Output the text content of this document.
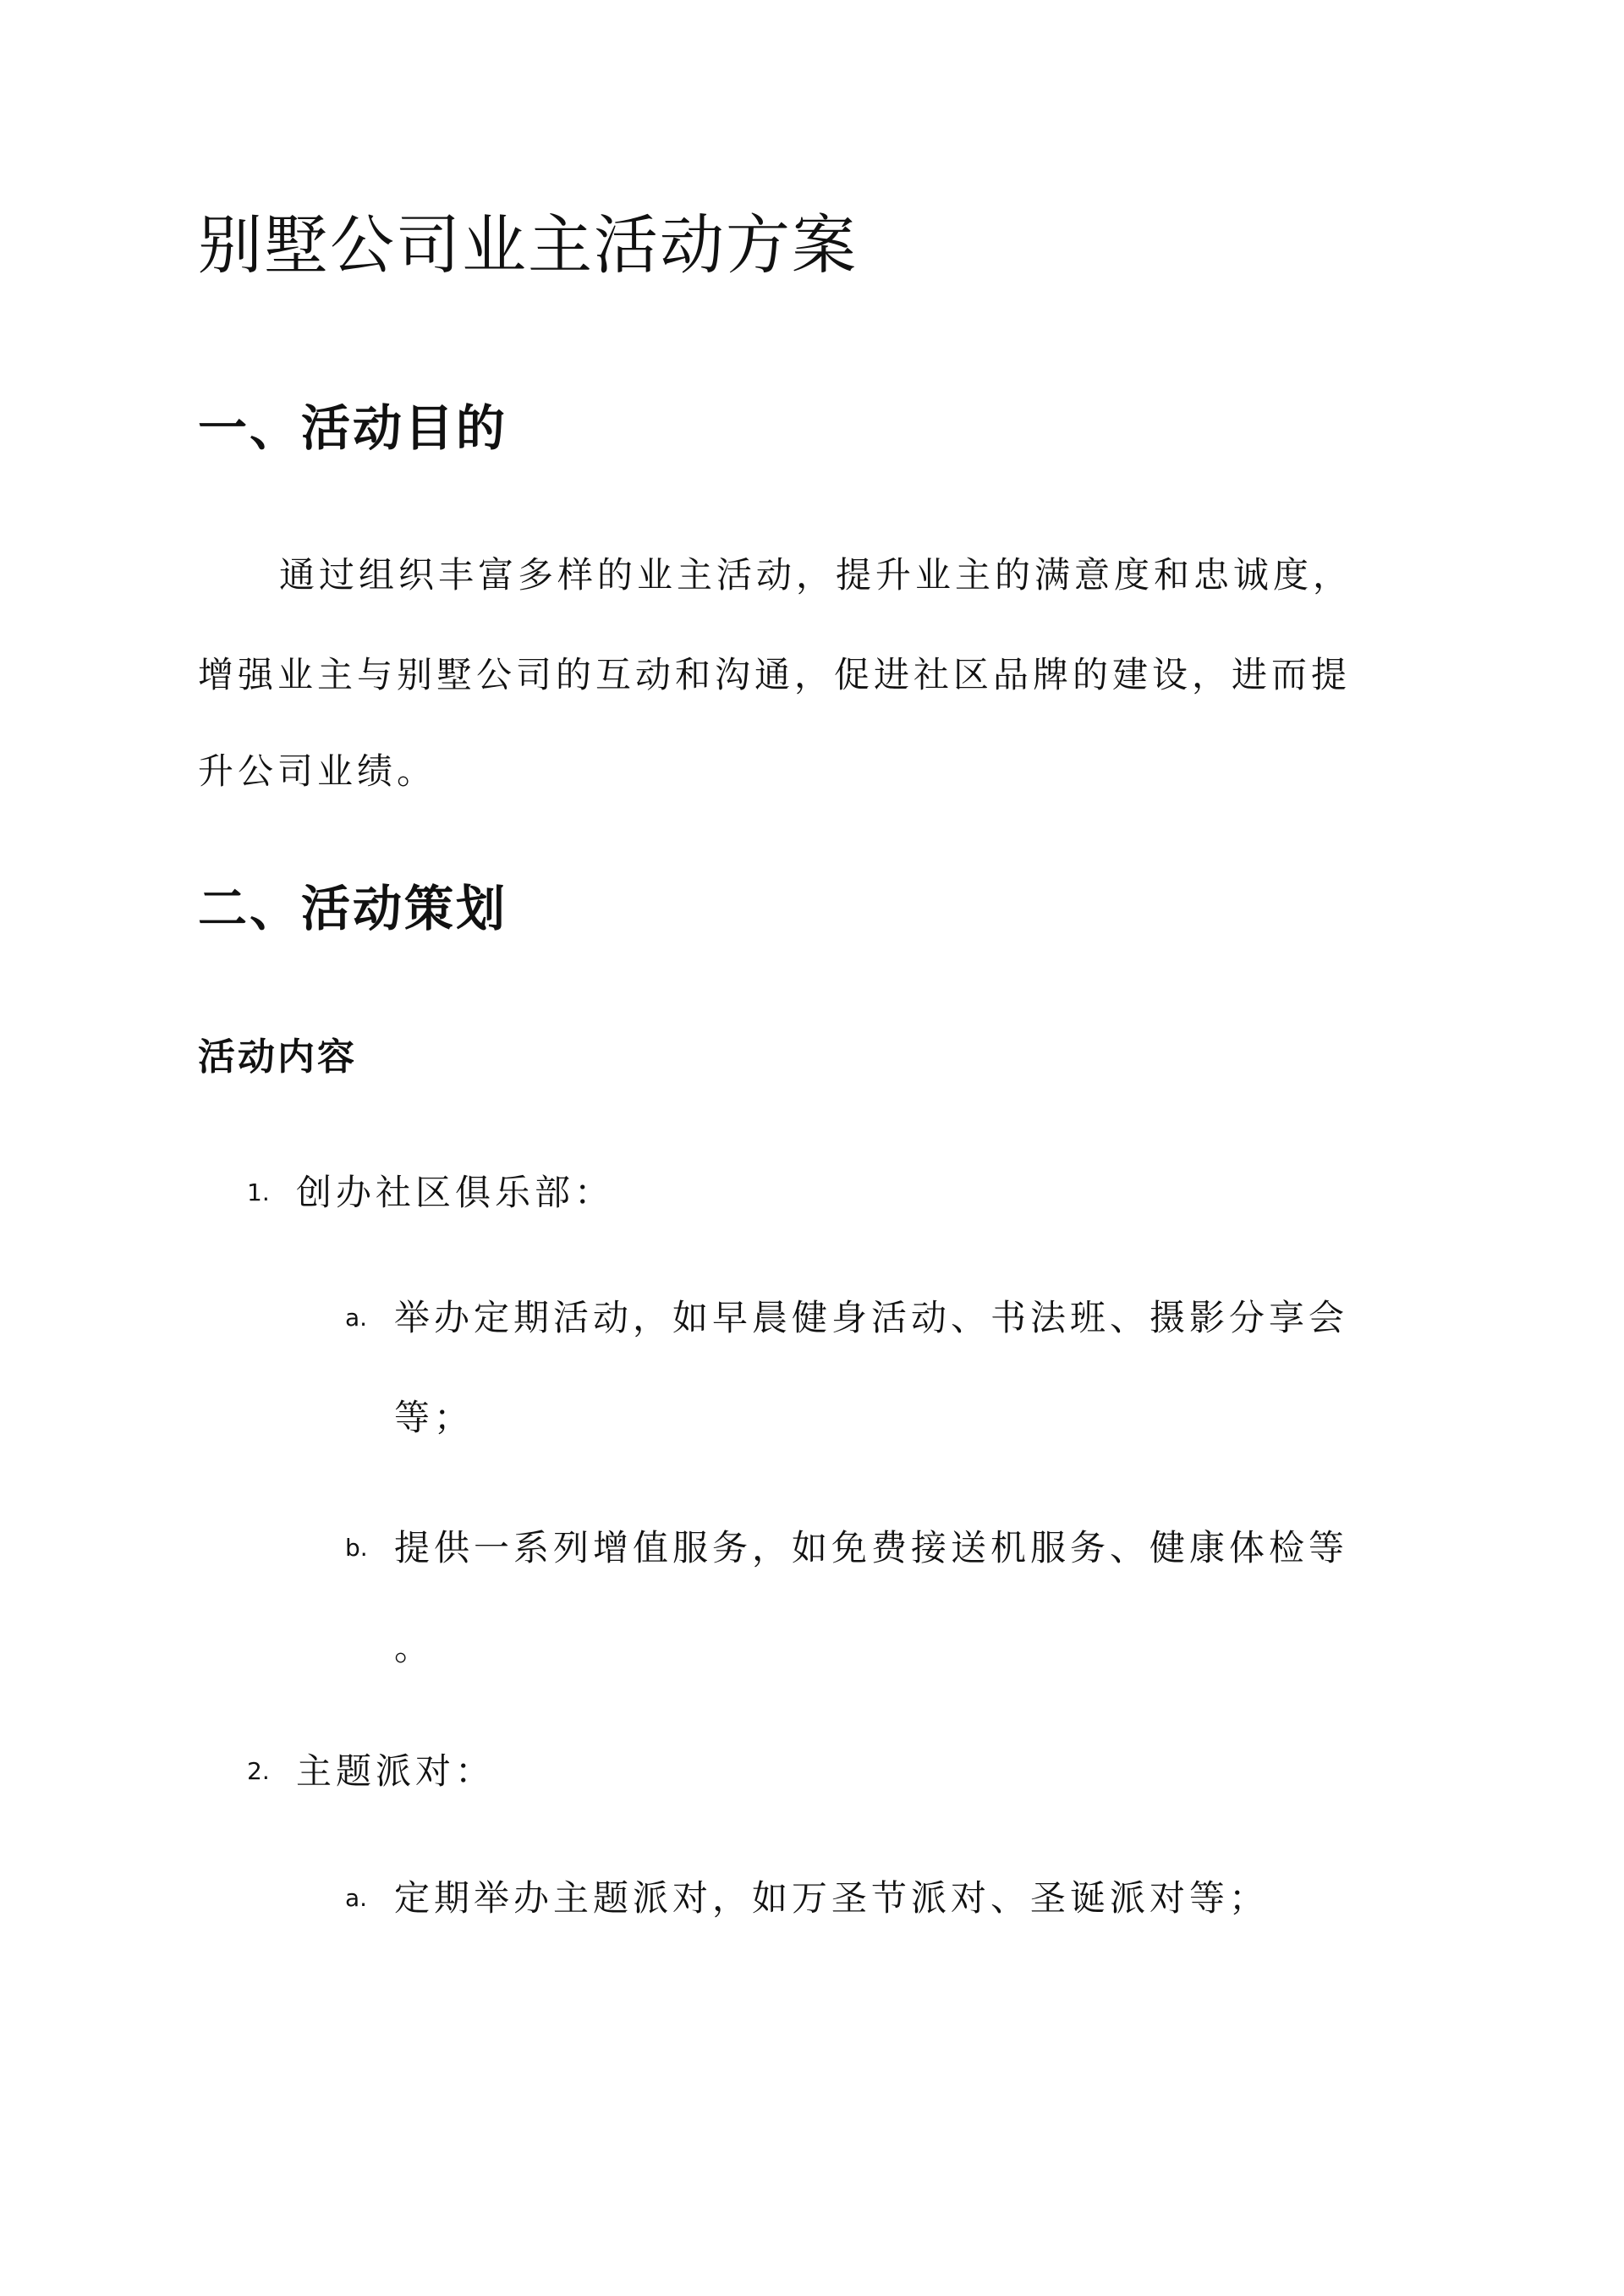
别墅公司业主活动方案
一、活动目的

通过组织丰富多样的业主活动，提升业主的满意度和忠诚度，

增强业主与别墅公司的互动和沟通，促进社区品牌的建设，进而提

升公司业绩。

二、活动策划
活动内容
1. 创办社区俱乐部：
a. 举办定期活动，如早晨健身活动、书法班、摄影分享会
等；
b. 提供一系列增值服务，如免费接送机服务、健康体检等
。
2. 主题派对：
a. 定期举办主题派对，如万圣节派对、圣诞派对等；
